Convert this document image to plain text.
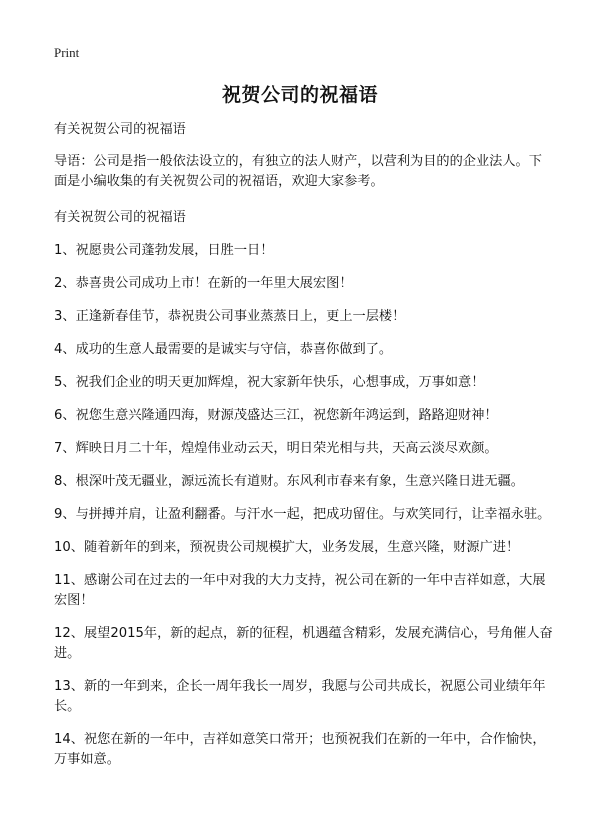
Print
祝贺公司的祝福语

有关祝贺公司的祝福语

导语：公司是指一般依法设立的，有独立的法人财产，以营利为目的的企业法人。下面是小编收集的有关祝贺公司的祝福语，欢迎大家参考。

有关祝贺公司的祝福语

1、祝愿贵公司蓬勃发展，日胜一日！
2、恭喜贵公司成功上市！在新的一年里大展宏图！
3、正逢新春佳节，恭祝贵公司事业蒸蒸日上，更上一层楼！
4、成功的生意人最需要的是诚实与守信，恭喜你做到了。
5、祝我们企业的明天更加辉煌，祝大家新年快乐，心想事成，万事如意！
6、祝您生意兴隆通四海，财源茂盛达三江，祝您新年鸿运到，路路迎财神！
7、辉映日月二十年，煌煌伟业动云天，明日荣光相与共，天高云淡尽欢颜。
8、根深叶茂无疆业，源远流长有道财。东风利市春来有象，生意兴隆日进无疆。
9、与拼搏并肩，让盈利翻番。与汗水一起，把成功留住。与欢笑同行，让幸福永驻。
10、随着新年的到来，预祝贵公司规模扩大，业务发展，生意兴隆，财源广进！
11、感谢公司在过去的一年中对我的大力支持，祝公司在新的一年中吉祥如意，大展宏图！
12、展望2015年，新的起点，新的征程，机遇蕴含精彩，发展充满信心，号角催人奋进。
13、新的一年到来，企长一周年我长一周岁，我愿与公司共成长，祝愿公司业绩年年长。
14、祝您在新的一年中，吉祥如意笑口常开；也预祝我们在新的一年中，合作愉快，万事如意。
